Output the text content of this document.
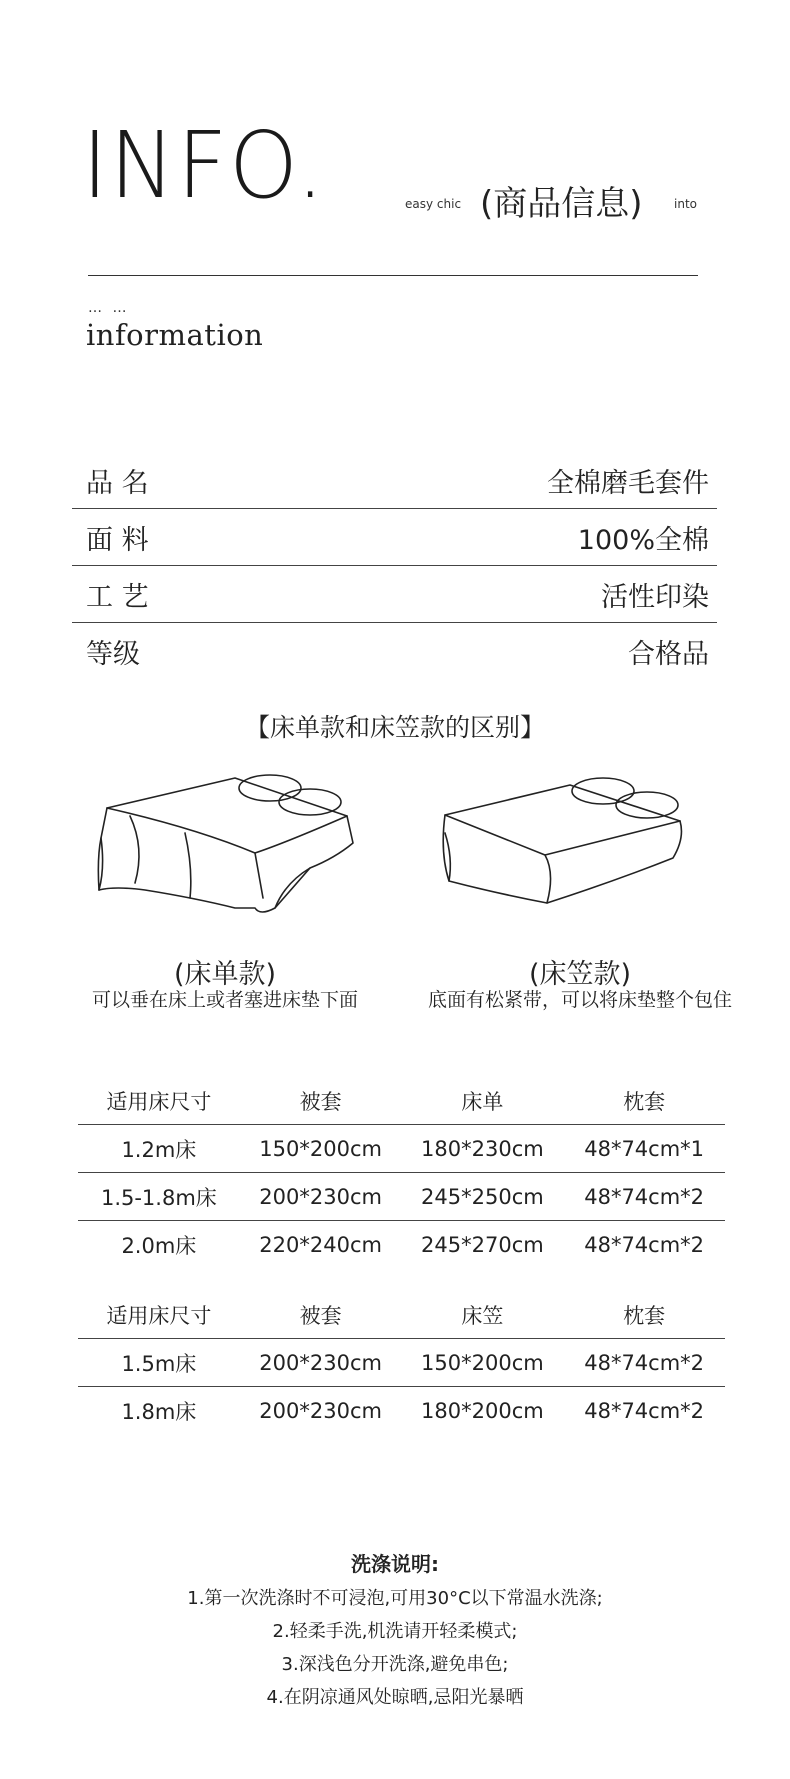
INFO.	easy chic (商品信息)	into
… …
information
品 名	全棉磨毛套件
面 料	100%全棉
工 艺	活性印染
等级	合格品
【床单款和床笠款的区别】
(床单款)
可以垂在床上或者塞进床垫下面
(床笠款)
底面有松紧带，可以将床垫整个包住
适用床尺寸	被套	床单	枕套
1.2m床	150*200cm	180*230cm	48*74cm*1
1.5-1.8m床	200*230cm	245*250cm	48*74cm*2
2.0m床	220*240cm	245*270cm	48*74cm*2
适用床尺寸	被套	床笠	枕套
1.5m床	200*230cm	150*200cm	48*74cm*2
1.8m床	200*230cm	180*200cm	48*74cm*2
洗涤说明:
1.第一次洗涤时不可浸泡,可用30°C以下常温水洗涤;
2.轻柔手洗,机洗请开轻柔模式;
3.深浅色分开洗涤,避免串色;
4.在阴凉通风处晾晒,忌阳光暴晒
